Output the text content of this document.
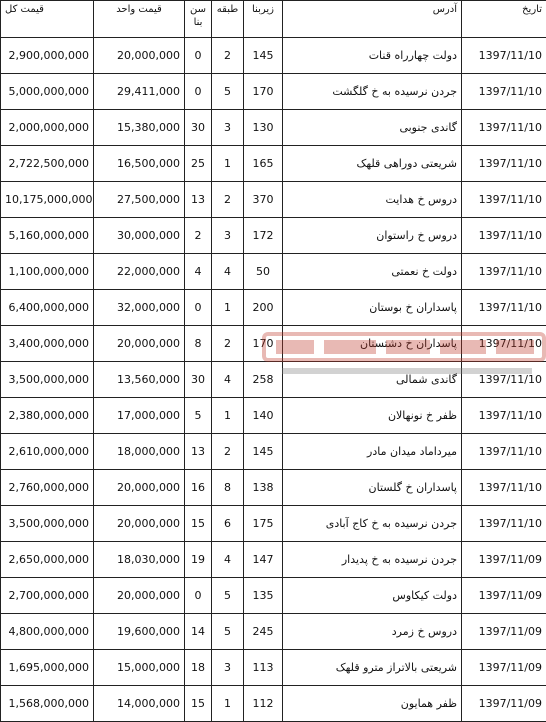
قیمت کل	قیمت واحد	سن بنا	طبقه	زیربنا	آدرس	تاریخ
2,900,000,000	20,000,000	0	2	145	دولت چهارراه قنات	1397/11/10
5,000,000,000	29,411,000	0	5	170	جردن نرسیده به خ گلگشت	1397/11/10
2,000,000,000	15,380,000	30	3	130	گاندی جنوبی	1397/11/10
2,722,500,000	16,500,000	25	1	165	شریعتی دوراهی قلهک	1397/11/10
10,175,000,000	27,500,000	13	2	370	دروس خ هدایت	1397/11/10
5,160,000,000	30,000,000	2	3	172	دروس خ راستوان	1397/11/10
1,100,000,000	22,000,000	4	4	50	دولت خ نعمتی	1397/11/10
6,400,000,000	32,000,000	0	1	200	پاسداران خ بوستان	1397/11/10
3,400,000,000	20,000,000	8	2	170	پاسداران خ دشتستان	1397/11/10
3,500,000,000	13,560,000	30	4	258	گاندی شمالی	1397/11/10
2,380,000,000	17,000,000	5	1	140	ظفر خ نونهالان	1397/11/10
2,610,000,000	18,000,000	13	2	145	میرداماد میدان مادر	1397/11/10
2,760,000,000	20,000,000	16	8	138	پاسداران خ گلستان	1397/11/10
3,500,000,000	20,000,000	15	6	175	جردن نرسیده به خ کاج آبادی	1397/11/10
2,650,000,000	18,030,000	19	4	147	جردن نرسیده به خ پدیدار	1397/11/09
2,700,000,000	20,000,000	0	5	135	دولت کیکاوس	1397/11/09
4,800,000,000	19,600,000	14	5	245	دروس خ زمرد	1397/11/09
1,695,000,000	15,000,000	18	3	113	شریعتی بالاتراز مترو قلهک	1397/11/09
1,568,000,000	14,000,000	15	1	112	ظفر همایون	1397/11/09
